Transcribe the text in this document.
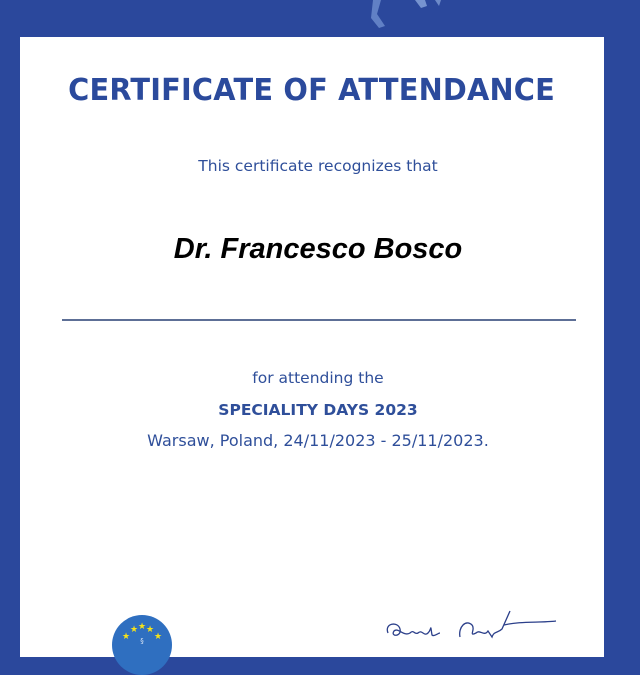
CERTIFICATE OF ATTENDANCE
This certificate recognizes that
Dr. Francesco Bosco
for attending the
SPECIALITY DAYS 2023
Warsaw, Poland, 24/11/2023 - 25/11/2023.
★ ★ ★
★	★
§
